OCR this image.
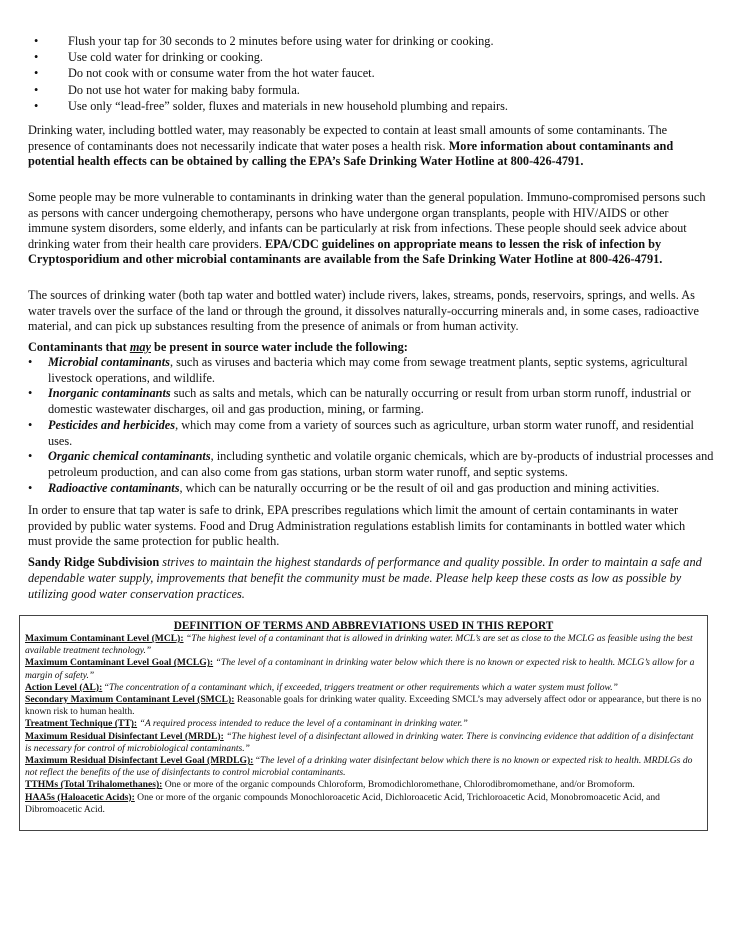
• Flush your tap for 30 seconds to 2 minutes before using water for drinking or cooking.
• Use cold water for drinking or cooking.
• Do not cook with or consume water from the hot water faucet.
• Do not use hot water for making baby formula.
• Use only “lead-free” solder, fluxes and materials in new household plumbing and repairs.

Drinking water, including bottled water, may reasonably be expected to contain at least small amounts of some contaminants. The presence of contaminants does not necessarily indicate that water poses a health risk. More information about contaminants and potential health effects can be obtained by calling the EPA’s Safe Drinking Water Hotline at 800-426-4791.

Some people may be more vulnerable to contaminants in drinking water than the general population. Immuno-compromised persons such as persons with cancer undergoing chemotherapy, persons who have undergone organ transplants, people with HIV/AIDS or other immune system disorders, some elderly, and infants can be particularly at risk from infections. These people should seek advice about drinking water from their health care providers. EPA/CDC guidelines on appropriate means to lessen the risk of infection by Cryptosporidium and other microbial contaminants are available from the Safe Drinking Water Hotline at 800-426-4791.

The sources of drinking water (both tap water and bottled water) include rivers, lakes, streams, ponds, reservoirs, springs, and wells. As water travels over the surface of the land or through the ground, it dissolves naturally-occurring minerals and, in some cases, radioactive material, and can pick up substances resulting from the presence of animals or from human activity.

Contaminants that may be present in source water include the following:
• Microbial contaminants, such as viruses and bacteria which may come from sewage treatment plants, septic systems, agricultural livestock operations, and wildlife.
• Inorganic contaminants such as salts and metals, which can be naturally occurring or result from urban storm runoff, industrial or domestic wastewater discharges, oil and gas production, mining, or farming.
• Pesticides and herbicides, which may come from a variety of sources such as agriculture, urban storm water runoff, and residential uses.
• Organic chemical contaminants, including synthetic and volatile organic chemicals, which are by-products of industrial processes and petroleum production, and can also come from gas stations, urban storm water runoff, and septic systems.
• Radioactive contaminants, which can be naturally occurring or be the result of oil and gas production and mining activities.

In order to ensure that tap water is safe to drink, EPA prescribes regulations which limit the amount of certain contaminants in water provided by public water systems. Food and Drug Administration regulations establish limits for contaminants in bottled water which must provide the same protection for public health.

Sandy Ridge Subdivision strives to maintain the highest standards of performance and quality possible. In order to maintain a safe and dependable water supply, improvements that benefit the community must be made. Please help keep these costs as low as possible by utilizing good water conservation practices.

DEFINITION OF TERMS AND ABBREVIATIONS USED IN THIS REPORT
Maximum Contaminant Level (MCL): “The highest level of a contaminant that is allowed in drinking water. MCL’s are set as close to the MCLG as feasible using the best available treatment technology.”
Maximum Contaminant Level Goal (MCLG): “The level of a contaminant in drinking water below which there is no known or expected risk to health. MCLG’s allow for a margin of safety.”
Action Level (AL): “The concentration of a contaminant which, if exceeded, triggers treatment or other requirements which a water system must follow.”
Secondary Maximum Contaminant Level (SMCL): Reasonable goals for drinking water quality. Exceeding SMCL’s may adversely affect odor or appearance, but there is no known risk to human health.
Treatment Technique (TT): “A required process intended to reduce the level of a contaminant in drinking water.”
Maximum Residual Disinfectant Level (MRDL): “The highest level of a disinfectant allowed in drinking water. There is convincing evidence that addition of a disinfectant is necessary for control of microbiological contaminants.”
Maximum Residual Disinfectant Level Goal (MRDLG): “The level of a drinking water disinfectant below which there is no known or expected risk to health. MRDLGs do not reflect the benefits of the use of disinfectants to control microbial contaminants.
TTHMs (Total Trihalomethanes): One or more of the organic compounds Chloroform, Bromodichloromethane, Chlorodibromomethane, and/or Bromoform.
HAA5s (Haloacetic Acids): One or more of the organic compounds Monochloroacetic Acid, Dichloroacetic Acid, Trichloroacetic Acid, Monobromoacetic Acid, and Dibromoacetic Acid.
